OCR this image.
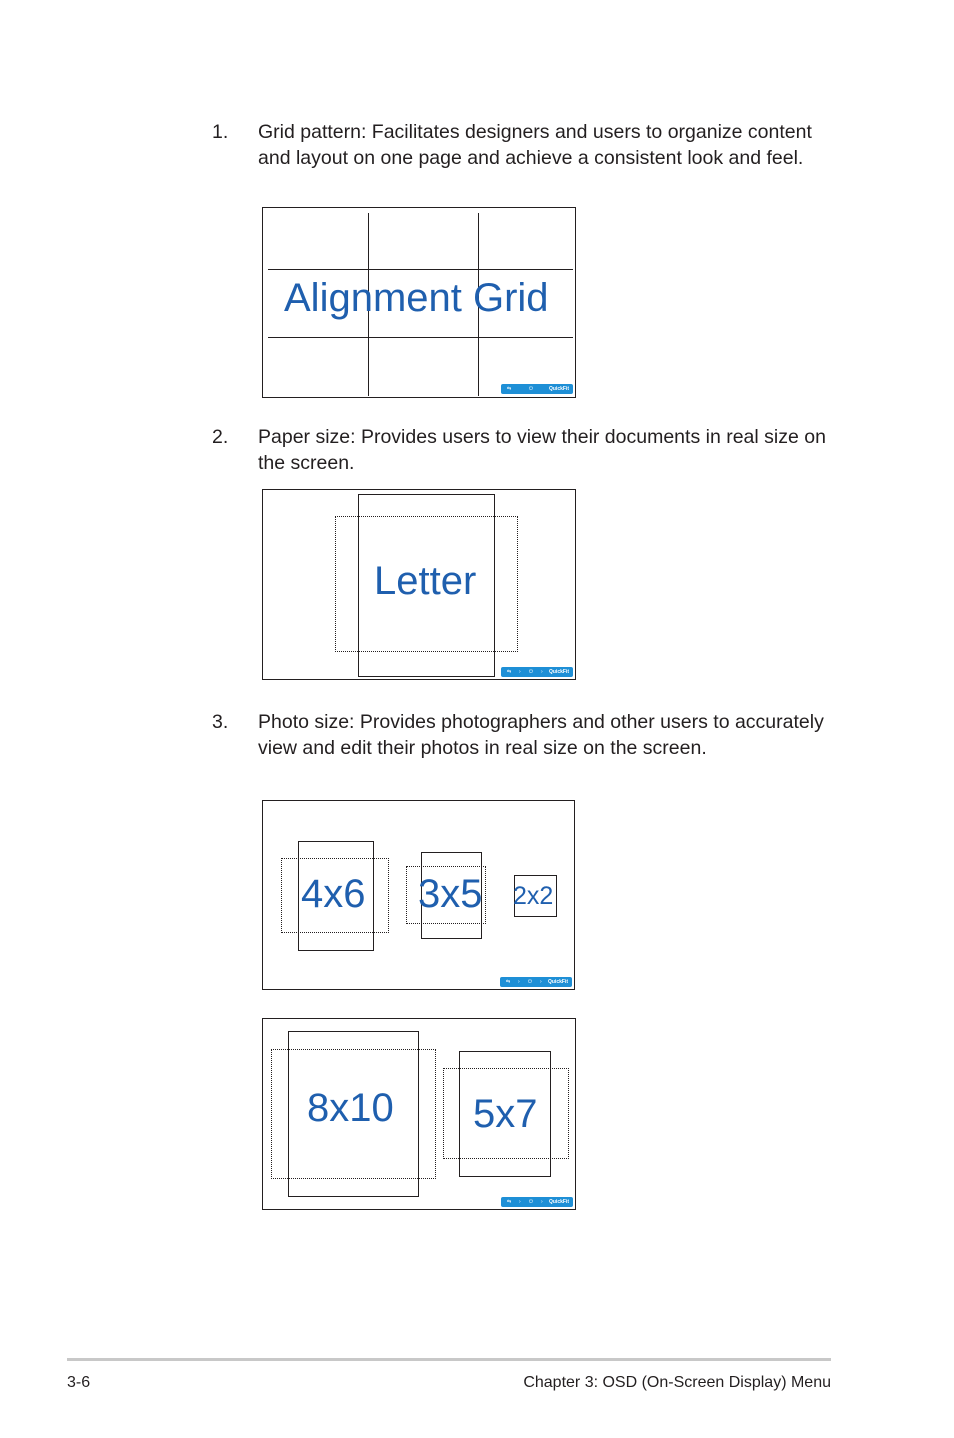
1. Grid pattern: Facilitates designers and users to organize content and layout on one page and achieve a consistent look and feel.
Alignment Grid
⇆	⏻	QuickFit
2. Paper size: Provides users to view their documents in real size on the screen.
Letter
⇆ › ⏻ › QuickFit
3. Photo size: Provides photographers and other users to accurately view and edit their photos in real size on the screen.
4x6 3x5 2x2
⇆ › ⏻ › QuickFit
8x10 5x7
⇆ › ⏻ › QuickFit
3-6	Chapter 3: OSD (On-Screen Display) Menu
